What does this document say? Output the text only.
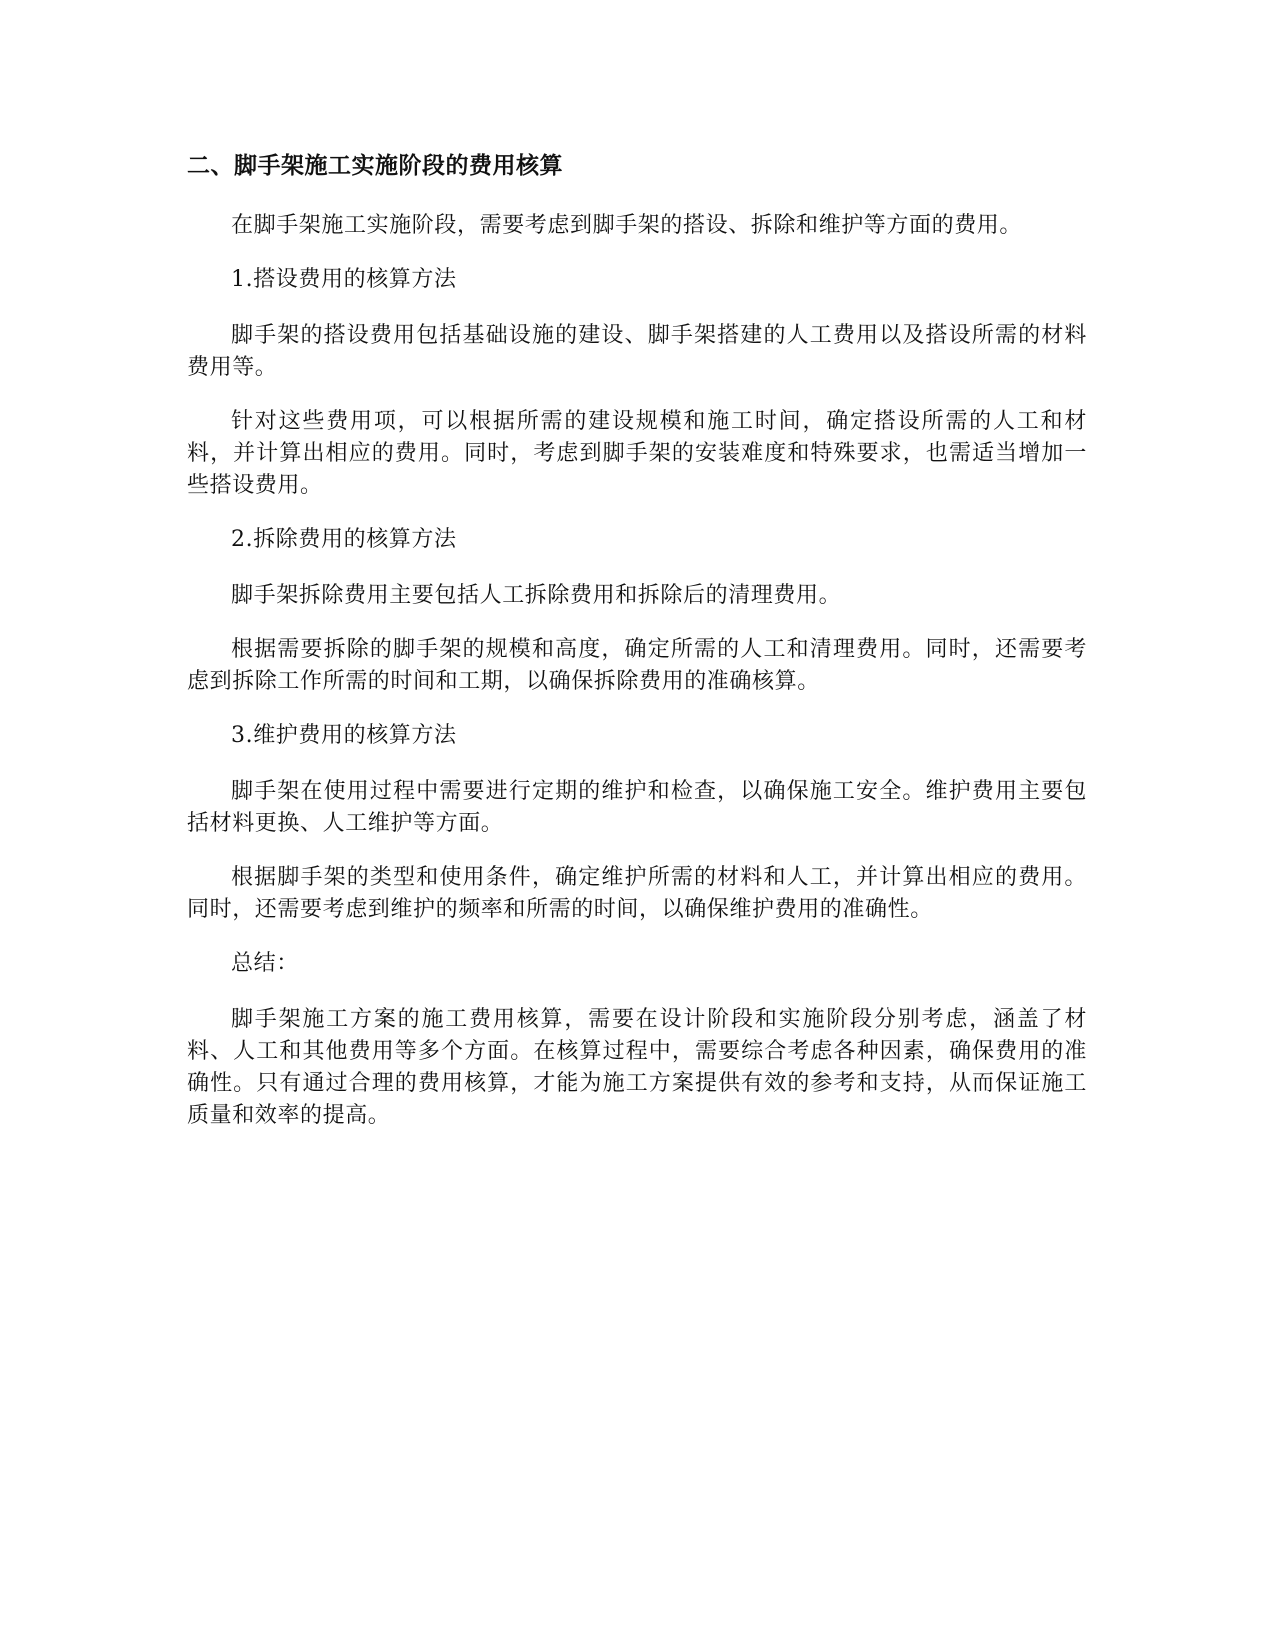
二、脚手架施工实施阶段的费用核算

在脚手架施工实施阶段，需要考虑到脚手架的搭设、拆除和维护等方面的费用。

1.搭设费用的核算方法

脚手架的搭设费用包括基础设施的建设、脚手架搭建的人工费用以及搭设所需的材料费用等。

针对这些费用项，可以根据所需的建设规模和施工时间，确定搭设所需的人工和材料，并计算出相应的费用。同时，考虑到脚手架的安装难度和特殊要求，也需适当增加一些搭设费用。

2.拆除费用的核算方法

脚手架拆除费用主要包括人工拆除费用和拆除后的清理费用。

根据需要拆除的脚手架的规模和高度，确定所需的人工和清理费用。同时，还需要考虑到拆除工作所需的时间和工期，以确保拆除费用的准确核算。

3.维护费用的核算方法

脚手架在使用过程中需要进行定期的维护和检查，以确保施工安全。维护费用主要包括材料更换、人工维护等方面。

根据脚手架的类型和使用条件，确定维护所需的材料和人工，并计算出相应的费用。同时，还需要考虑到维护的频率和所需的时间，以确保维护费用的准确性。

总结：

脚手架施工方案的施工费用核算，需要在设计阶段和实施阶段分别考虑，涵盖了材料、人工和其他费用等多个方面。在核算过程中，需要综合考虑各种因素，确保费用的准确性。只有通过合理的费用核算，才能为施工方案提供有效的参考和支持，从而保证施工质量和效率的提高。
